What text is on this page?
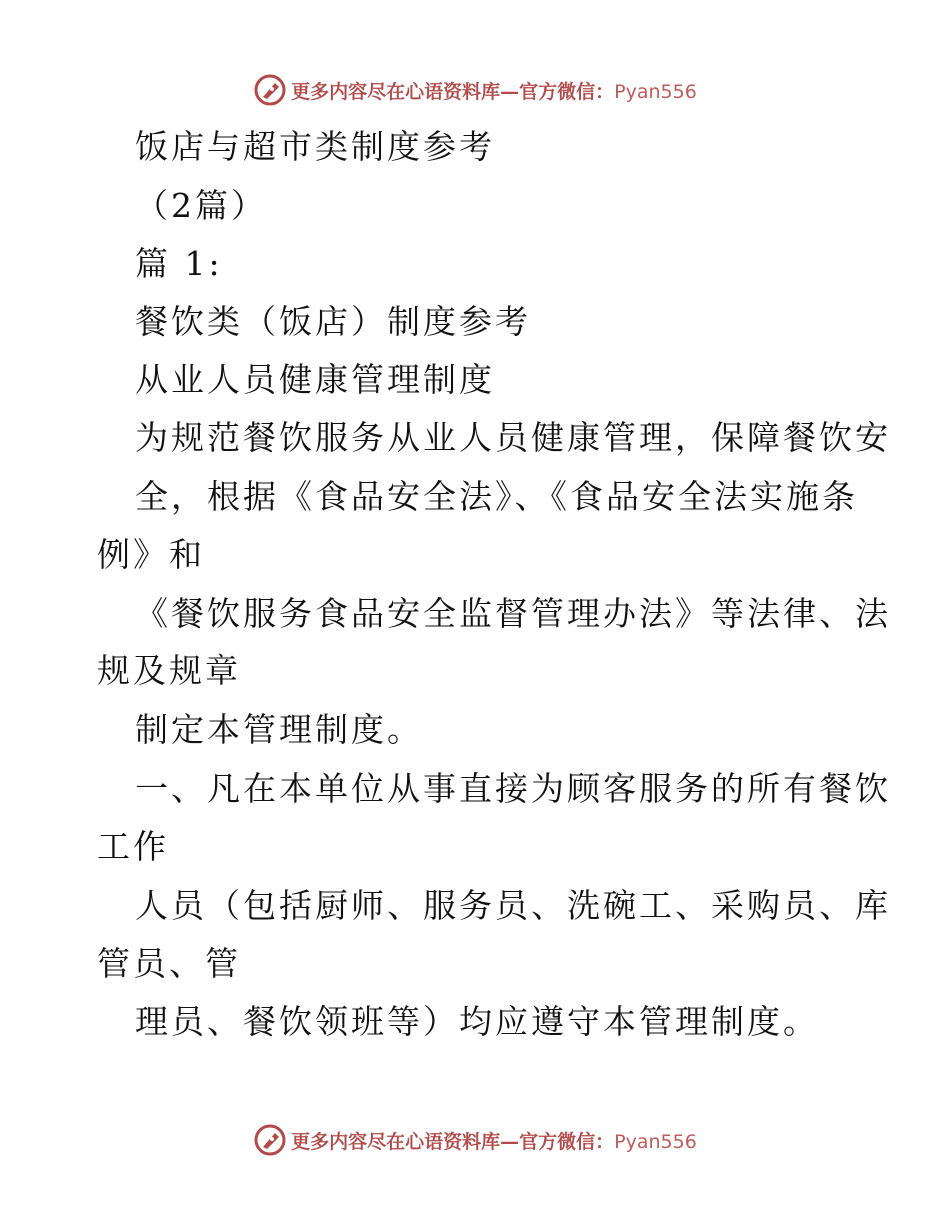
更多内容尽在心语资料库—官方微信：Pyan556
饭店与超市类制度参考
（2篇）
篇 1:
餐饮类（饭店）制度参考
从业人员健康管理制度
为规范餐饮服务从业人员健康管理，保障餐饮安
全，根据《食品安全法》、《食品安全法实施条
例》和
《餐饮服务食品安全监督管理办法》等法律、法
规及规章
制定本管理制度。
一、凡在本单位从事直接为顾客服务的所有餐饮
工作
人员（包括厨师、服务员、洗碗工、采购员、库
管员、管
理员、餐饮领班等）均应遵守本管理制度。
更多内容尽在心语资料库—官方微信：Pyan556
